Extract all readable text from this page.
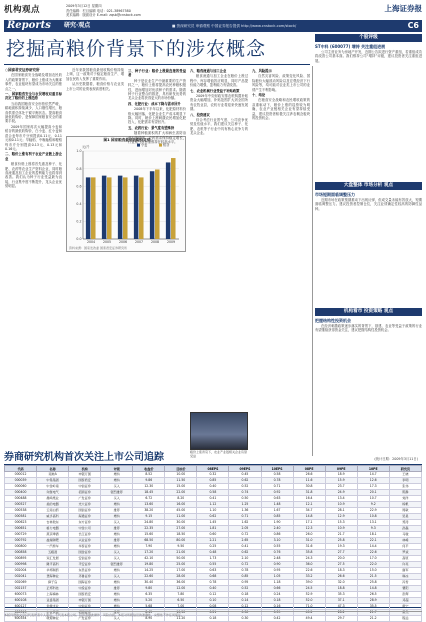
机构观点	2009年3月12日 星期四
责任编辑：栏目编辑 电话：021-38967580
美术编辑：版面设计 E-mail: zqsb@cnstock.com
上海证券报
Reports 研究·观点	■ 资深研究员 审慎观察 中国证券报告提供 http://www.cnstock.com/stock/	C6
挖掘高粮价背景下的涉农概念

○国泰君安证券研究所

在国家粮食安全战略及增加农民收入的政策背景下，粮价上涨成为大概率事件，农业板块有望成为市场关注的焦点之一。

一、国家粮食安全与农民增收双重目标决定了粮价的上涨趋势

当前我国粮食安全形势依然严峻，耕地面积持续减少，人口刚性增长，粮食供需总体处于紧平衡状态。提高粮食最低收购价，是保障国家粮食安全的重要手段。

2009年国家再次大幅提高小麦和稻谷的最低收购价，白小麦、红小麦和混合麦每市斤分别提高0.11元、0.11元和0.11元；早籼稻、中晚籼稻和粳稻每市斤分别提高0.13元、0.13元和0.16元。

二、粮价上涨有利于农业产业链上游企业

粮食价格上涨将首先惠及种子、化肥、农药等农业生产资料企业，同时粮食流通及加工企业的盈利能力也将得到改善。我们认为种子行业受益最为直接，行业集中度不断提升，龙头企业优势明显。

近年来我国粮食最低收购价格持续上调，这一政策对于稳定粮食生产、增加农民收入发挥了重要作用。

从历史数据看，粮食价格与农业类上市公司的业绩表现高度相关。

图1 国家粮食最低收购价走势
0.0
0.2
0.4
0.6
0.8
1.0
元/斤
2004 2005 2006 2007 2008 2009
小麦	稻谷
资料来源：国家发改委 国泰君安证券研究所

三、种子行业：粮价上涨最直接的受益者

种子是农业生产中最重要的生产资料之一，粮价上涨将提高农民种粮积极性，进而增加对优质种子的需求。随着种子行业整合的推进，具有研发优势的龙头企业将获得更大的市场份额。

四、化肥行业：成本下降与需求回升

2008年下半年以来，化肥原材料价格大幅回落，化肥企业生产成本明显下降。同时，粮价上涨刺激农民增加化肥投入，化肥需求有望回升。

五、农药行业：景气度有望维持

随着种植面积的扩大和病虫害防治意识的增强，农药需求保持稳定增长，行业景气度有望维持在较高水平。

六、粮食流通与加工企业

粮食流通与加工企业在粮价上涨过程中，库存增值效应明显，同时产品提价能力增强，盈利能力有望改善。

七、农业机械行业受益于补贴政策

2009年中央财政安排农机购置补贴资金大幅增加，补贴范围扩大到全国所有农牧业县，农机行业将迎来快速发展期。

八、投资建议

综合考虑行业景气度、公司竞争优势及估值水平，我们建议关注种子、化肥、农机等子行业中具有核心竞争力的龙头企业。

粮价上涨背景下，农业产业链相关企业有望受益

九、风险提示

自然灾害风险、政策变化风险、国际粮价大幅波动风险以及宏观经济下行风险等，均可能对农业类上市公司的业绩产生不利影响。

十、结论

在粮食安全战略和农民增收政策的双重驱动下，粮价上涨的趋势较为明确，农业产业链相关企业有望持续受益，建议投资者积极关注涉农概念板块的投资机会。

个股评级
ST中科 (600077) 增持 关注重组进展

公司主营业务为房地产开发，近期公告拟进行资产重组，若重组成功将改善公司基本面。我们维持公司“增持”评级，建议投资者关注重组进展。

大盘整体 市场分析 观点
市场短期面临调整压力

近期市场在政策预期推动下出现反弹，但成交量未能有效放大，短期面临调整压力。建议投资者控制仓位，关注业绩确定性较高的防御性品种。

机构看市 投资策略 观点
把握结构性投资机会

在经济刺激政策逐步落实的背景下，基建、农业等受益于政策的行业有望继续获得资金关注，建议把握结构性投资机会。

券商研究机构首次关注上市公司追踪	(统计日期：2009年3月11日)
代码	名称	机构	评级	收盘价	目标价	08EPS	09EPS	10EPS	08PE	09PE	10PE	研究员
000012	南玻A	申银万国	增持	8.52	10.00	0.32	0.45	0.58	26.6	18.9	14.7	王晓
000039	中集集团	国泰君安	增持	9.86	11.50	0.85	0.62	0.78	11.6	15.9	12.6	李明
000060	中金岭南	中信证券	买入	12.30	15.00	0.40	0.52	0.71	30.8	23.7	17.3	张伟
000400	许继电气	招商证券	强烈推荐	18.45	22.00	0.58	0.74	0.92	31.8	24.9	20.1	陈静
000488	晨鸣纸业	广发证券	买入	6.72	8.20	0.41	0.50	0.63	16.4	13.4	10.7	刘洋
000527	美的电器	光大证券	增持	13.60	16.00	1.12	1.25	1.48	12.1	10.9	9.2	杨帆
000538	云南白药	国信证券	推荐	38.20	45.00	1.10	1.36	1.67	34.7	28.1	22.9	周敏
000581	威孚高科	海通证券	增持	9.15	11.00	0.62	0.71	0.85	14.8	12.9	10.8	吴昊
000623	吉林敖东	东方证券	买入	24.80	30.00	1.45	1.62	1.90	17.1	15.3	13.1	郑涛
000651	格力电器	中金公司	推荐	22.35	27.00	1.81	2.05	2.40	12.3	10.9	9.3	孙磊
000729	燕京啤酒	长江证券	增持	15.60	18.50	0.60	0.72	0.86	26.0	21.7	18.1	马骏
000792	盐湖钾肥	兴业证券	推荐	68.50	80.00	2.21	2.65	3.10	31.0	25.8	22.1	林峰
000800	一汽轿车	华泰证券	增持	7.90	9.50	0.25	0.41	0.55	31.6	19.3	14.4	何平
000858	五粮液	国金证券	买入	17.20	21.00	0.48	0.62	0.76	35.8	27.7	22.6	罗斌
000895	双汇发展	安信证券	买入	42.10	50.00	1.73	2.10	2.48	24.3	20.0	17.0	高原
000998	隆平高科	平安证券	强烈推荐	19.80	25.00	0.55	0.72	0.90	36.0	27.5	22.0	许亮
002004	华邦制药	东吴证券	增持	14.25	17.00	0.63	0.78	0.95	22.6	18.3	15.0	谢军
002041	登海种业	齐鲁证券	买入	22.60	28.00	0.68	0.85	1.05	33.2	26.6	21.5	韩冰
002069	獐子岛	国海证券	增持	30.40	36.00	0.78	0.95	1.18	39.0	32.0	25.8	冯雪
002157	正邦科技	中投证券	推荐	9.80	12.00	0.40	0.52	0.66	24.5	18.8	14.8	曹阳
600073	上海梅林	国泰君安	增持	6.35	7.80	0.12	0.18	0.24	52.9	35.3	26.5	彭辉
600108	亚盛集团	申银万国	增持	5.20	6.50	0.10	0.14	0.18	52.0	37.1	28.9	邓超
600127	金健米业	中信证券	增持	5.68	7.00	0.08	0.12	0.16	71.0	47.3	35.5	唐宁
600313	中农资源	招商证券	推荐	8.45	10.50	0.21	0.30	0.39	40.2	28.2	21.7	萧然
600354	敦煌种业	广发证券	买入	8.90	11.20	0.18	0.30	0.42	49.4	29.7	21.2	程远
本版刊登的文章仅代表作者个人观点，不代表本报立场。投资者据此操作，风险自担。本报对所载信息的准确性、完整性不作任何保证。
